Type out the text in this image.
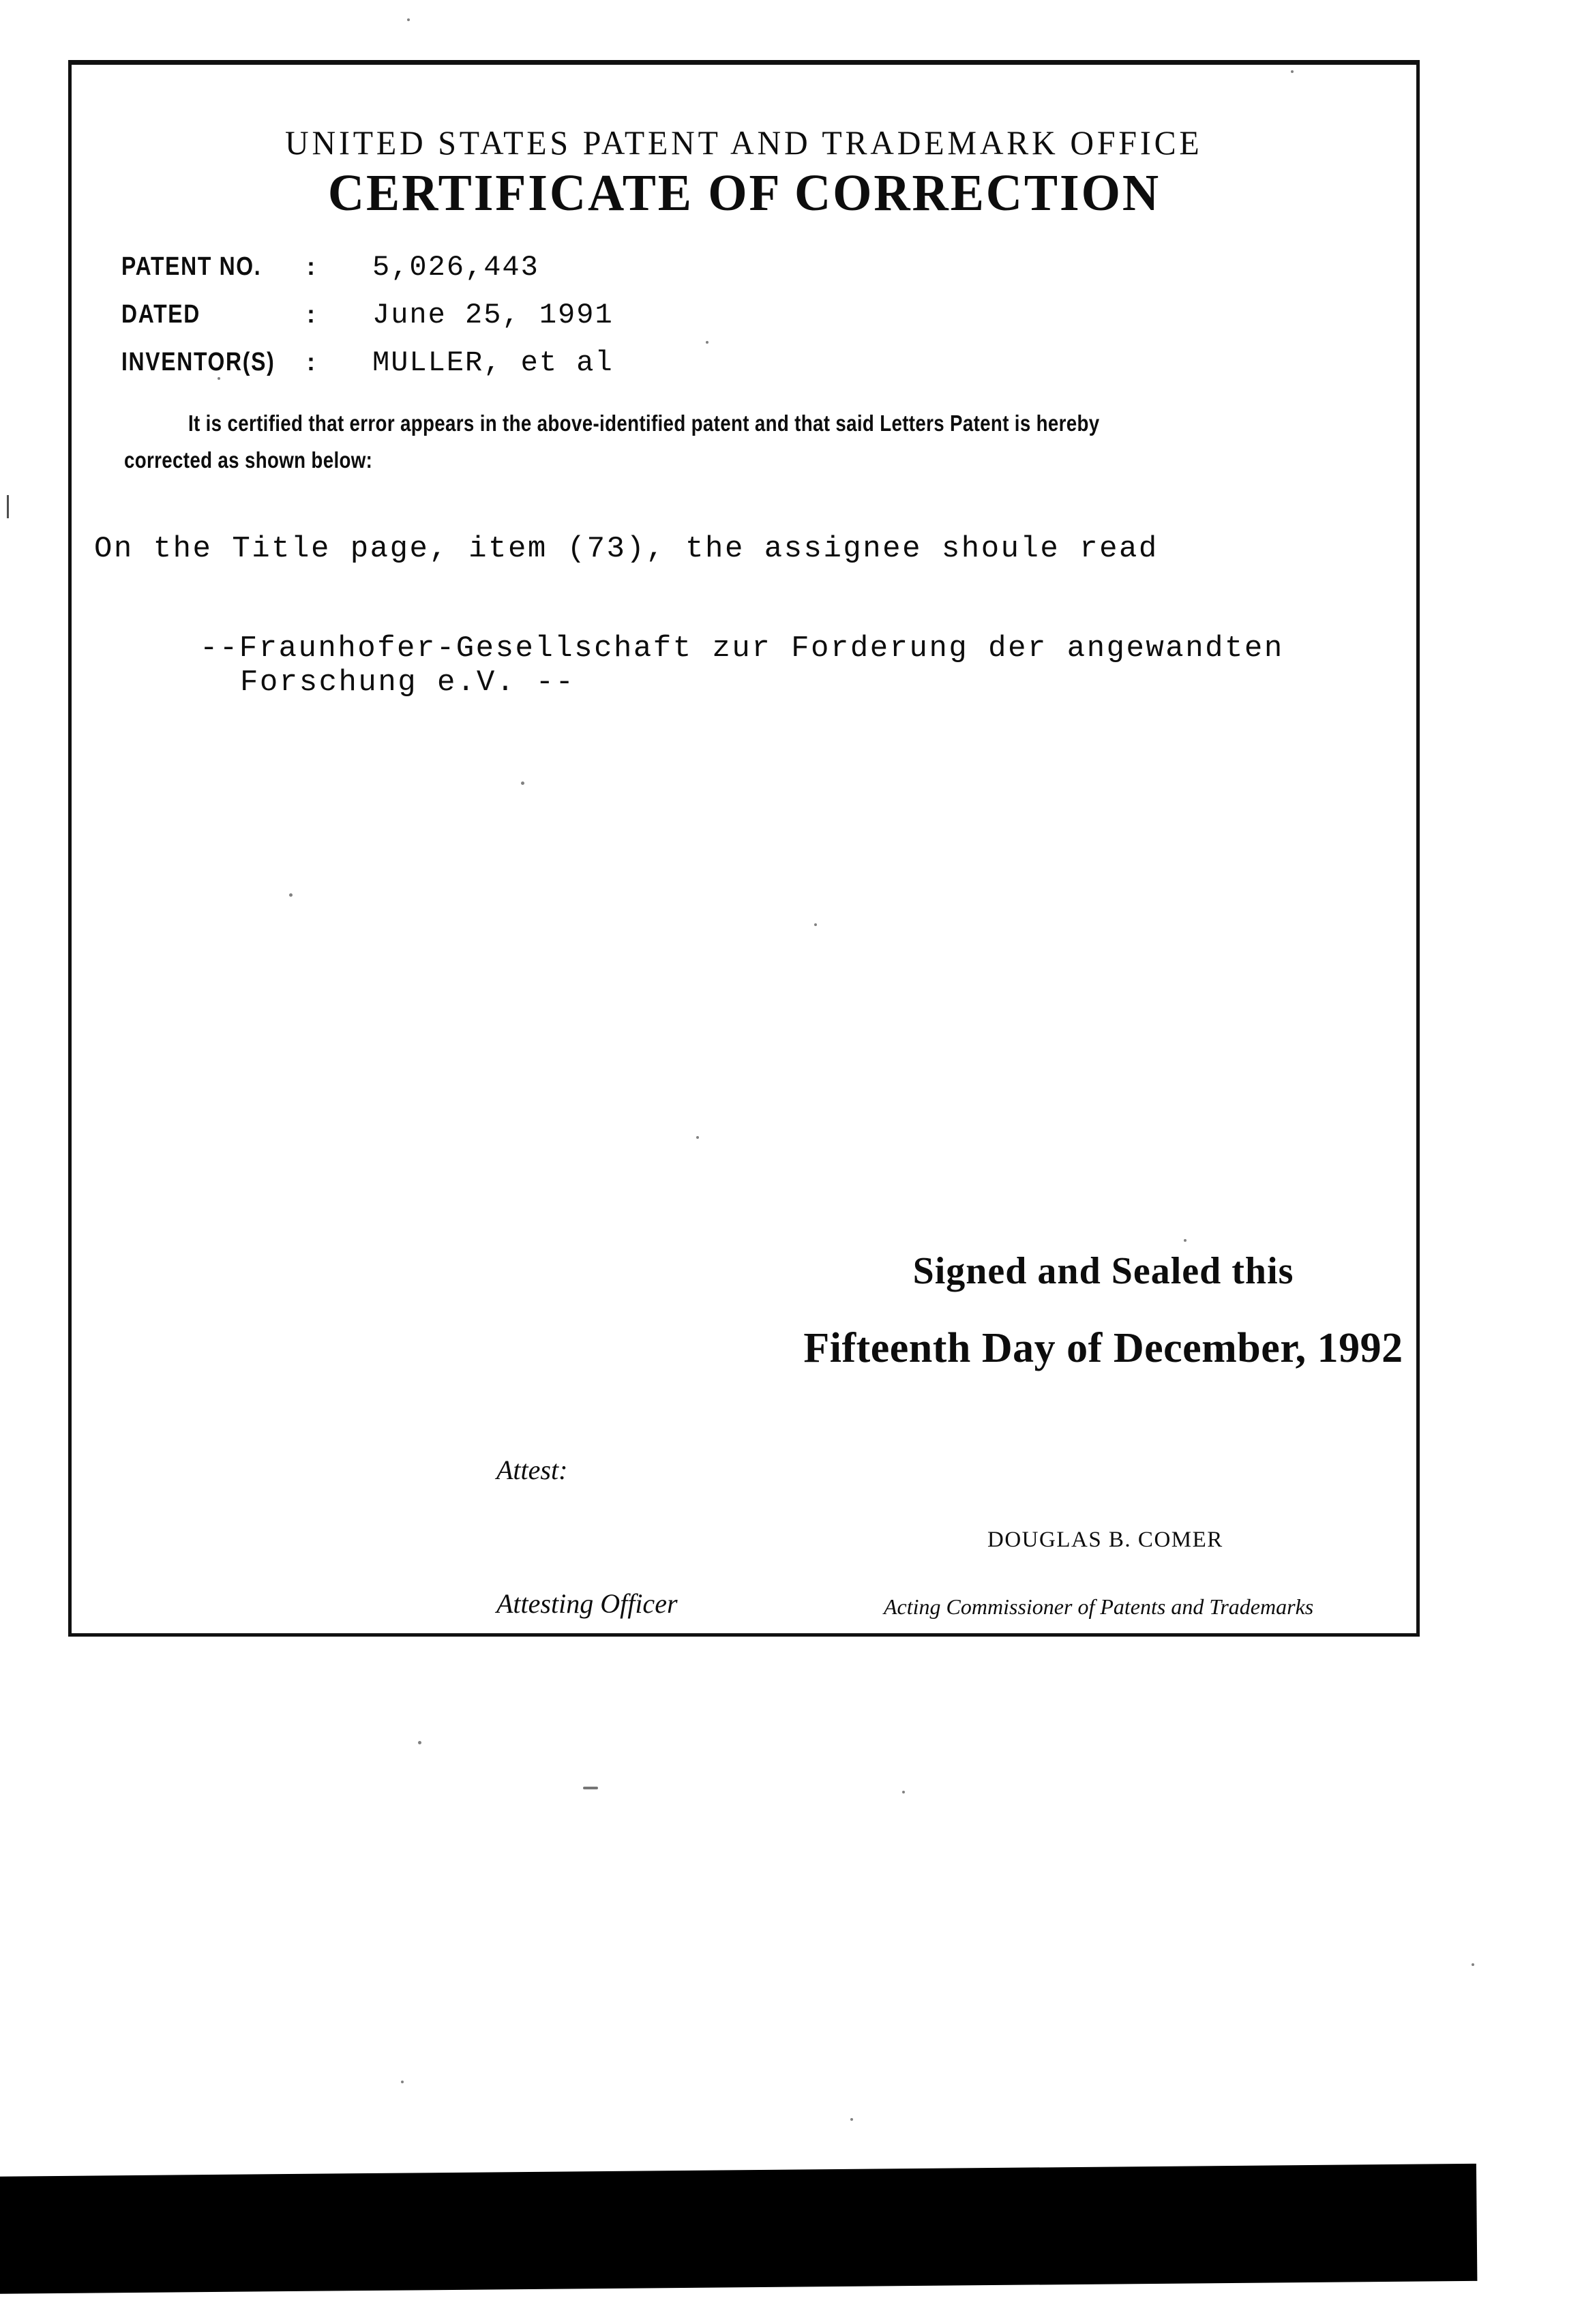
UNITED STATES PATENT AND TRADEMARK OFFICE
CERTIFICATE OF CORRECTION
PATENT NO. : 5,026,443
DATED	: June 25, 1991
INVENTOR(S) : MULLER, et al
It is certified that error appears in the above-identified patent and that said Letters Patent is hereby
corrected as shown below:
On the Title page, item (73), the assignee shoule read
--Fraunhofer-Gesellschaft zur Forderung der angewandten
Forschung e.V. --
Signed and Sealed this
Fifteenth Day of December, 1992
Attest:
DOUGLAS B. COMER
Attesting Officer	Acting Commissioner of Patents and Trademarks
